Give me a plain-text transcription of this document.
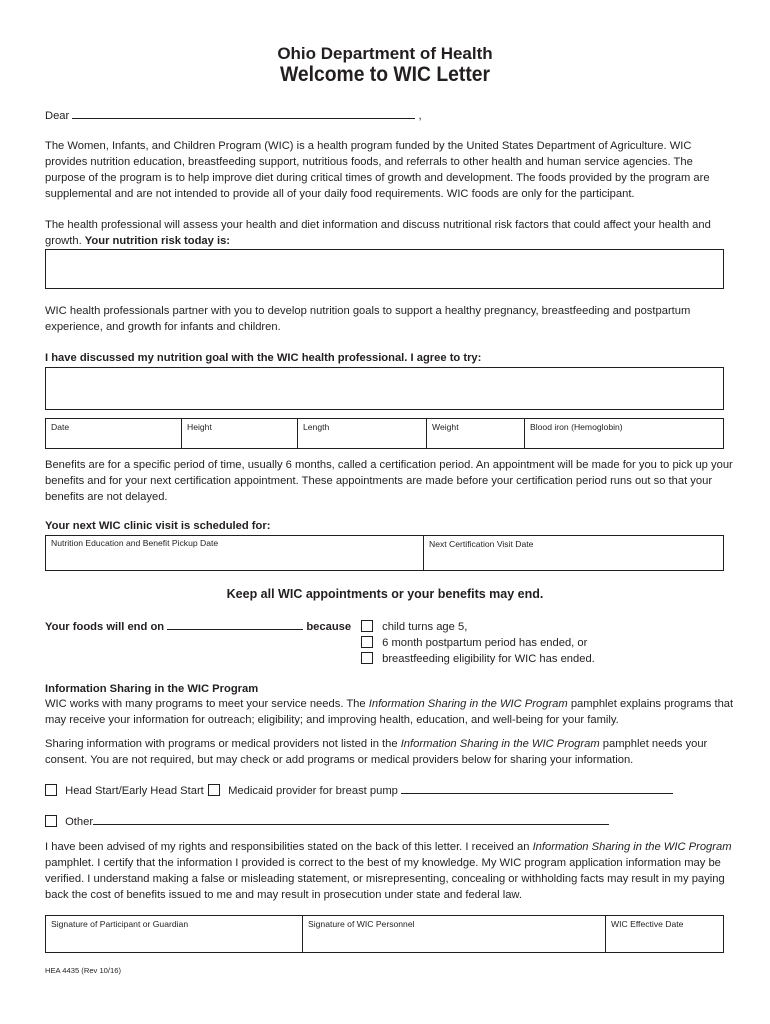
Ohio Department of Health
Welcome to WIC Letter
Dear	,
The Women, Infants, and Children Program (WIC) is a health program funded by the United States Department of Agriculture. WIC provides nutrition education, breastfeeding support, nutritious foods, and referrals to other health and human service agencies. The purpose of the program is to help improve diet during critical times of growth and development. The foods provided by the program are supplemental and are not intended to provide all of your daily food requirements. WIC foods are only for the participant.
The health professional will assess your health and diet information and discuss nutritional risk factors that could affect your health and growth. Your nutrition risk today is:
WIC health professionals partner with you to develop nutrition goals to support a healthy pregnancy, breastfeeding and postpartum experience, and growth for infants and children.
I have discussed my nutrition goal with the WIC health professional. I agree to try:
Date	Height	Length	Weight	Blood iron (Hemoglobin)
Benefits are for a specific period of time, usually 6 months, called a certification period. An appointment will be made for you to pick up your benefits and for your next certification appointment. These appointments are made before your certification period runs out so that your benefits are not delayed.
Your next WIC clinic visit is scheduled for:
Nutrition Education and Benefit Pickup Date	Next Certification Visit Date
Keep all WIC appointments or your benefits may end.
Your foods will end on	because	child turns age 5,
6 month postpartum period has ended, or
breastfeeding eligibility for WIC has ended.
Information Sharing in the WIC Program
WIC works with many programs to meet your service needs. The Information Sharing in the WIC Program pamphlet explains programs that may receive your information for outreach; eligibility; and improving health, education, and well-being for your family.
Sharing information with programs or medical providers not listed in the Information Sharing in the WIC Program pamphlet needs your consent. You are not required, but may check or add programs or medical providers below for sharing your information.
Head Start/Early Head Start	Medicaid provider for breast pump
Other
I have been advised of my rights and responsibilities stated on the back of this letter. I received an Information Sharing in the WIC Program pamphlet. I certify that the information I provided is correct to the best of my knowledge. My WIC program application information may be verified. I understand making a false or misleading statement, or misrepresenting, concealing or withholding facts may result in my paying back the cost of benefits issued to me and may result in prosecution under state and federal law.
Signature of Participant or Guardian	Signature of WIC Personnel	WIC Effective Date
HEA 4435 (Rev 10/16)
